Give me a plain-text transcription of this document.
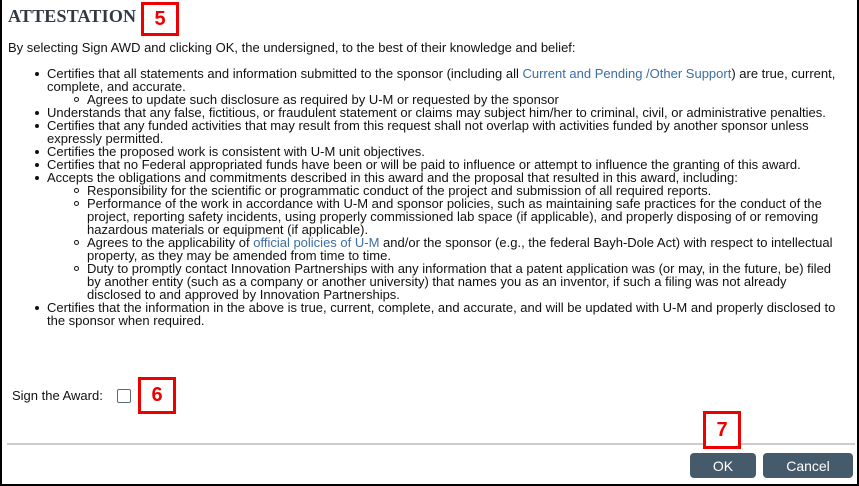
ATTESTATION 5
By selecting Sign AWD and clicking OK, the undersigned, to the best of their knowledge and belief:
Certifies that all statements and information submitted to the sponsor (including all Current and Pending /Other Support) are true, current, complete, and accurate.
Agrees to update such disclosure as required by U-M or requested by the sponsor
Understands that any false, fictitious, or fraudulent statement or claims may subject him/her to criminal, civil, or administrative penalties.
Certifies that any funded activities that may result from this request shall not overlap with activities funded by another sponsor unless expressly permitted.
Certifies the proposed work is consistent with U-M unit objectives.
Certifies that no Federal appropriated funds have been or will be paid to influence or attempt to influence the granting of this award.
Accepts the obligations and commitments described in this award and the proposal that resulted in this award, including:
Responsibility for the scientific or programmatic conduct of the project and submission of all required reports.
Performance of the work in accordance with U-M and sponsor policies, such as maintaining safe practices for the conduct of the project, reporting safety incidents, using properly commissioned lab space (if applicable), and properly disposing of or removing hazardous materials or equipment (if applicable).
Agrees to the applicability of official policies of U-M and/or the sponsor (e.g., the federal Bayh-Dole Act) with respect to intellectual property, as they may be amended from time to time.
Duty to promptly contact Innovation Partnerships with any information that a patent application was (or may, in the future, be) filed by another entity (such as a company or another university) that names you as an inventor, if such a filing was not already disclosed to and approved by Innovation Partnerships.
Certifies that the information in the above is true, current, complete, and accurate, and will be updated with U-M and properly disclosed to the sponsor when required.
Sign the Award:	6
7
OK	Cancel
